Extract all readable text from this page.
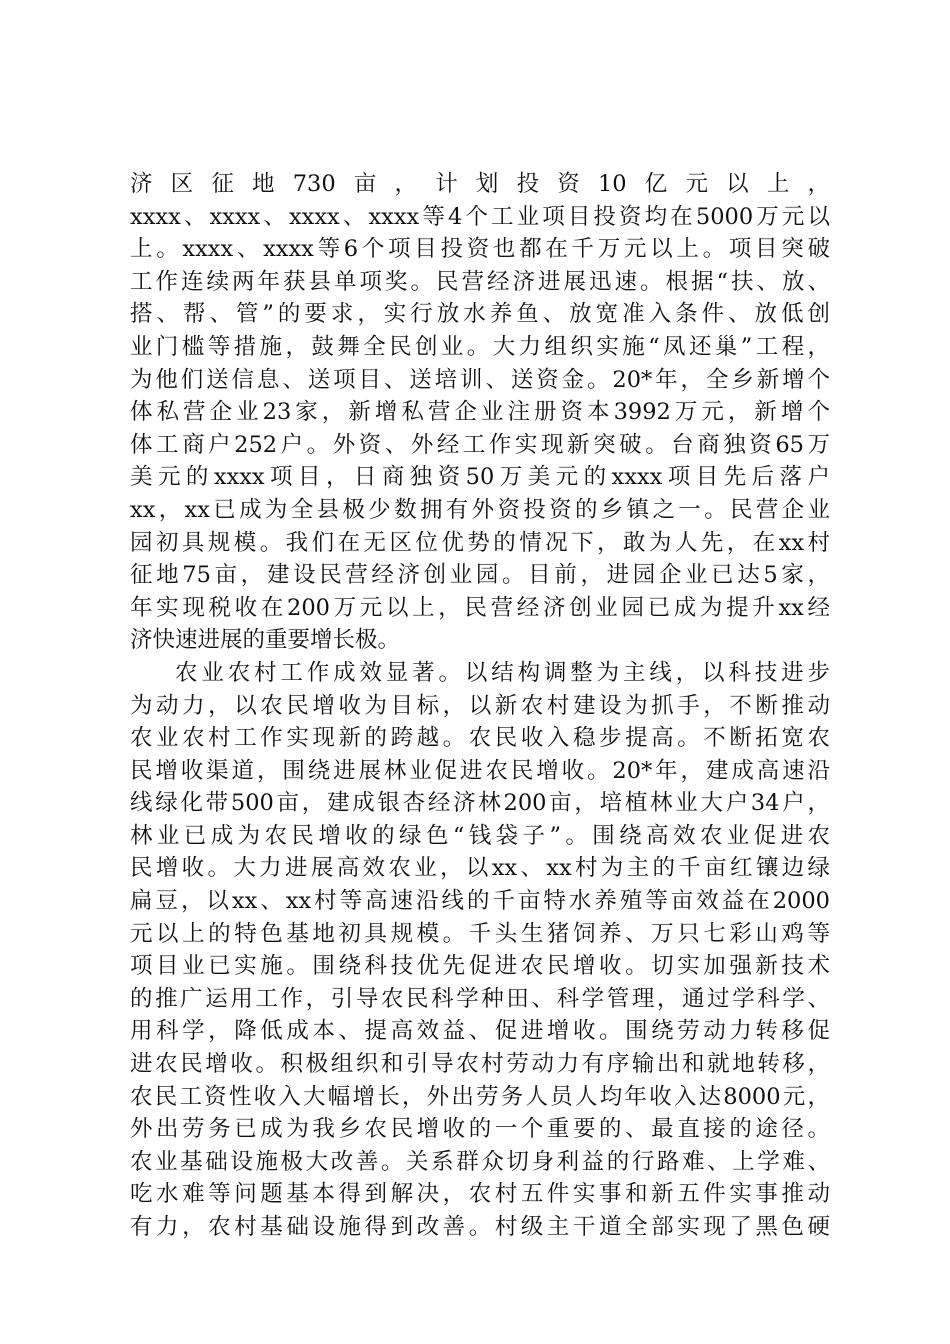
济区征地730亩，计划投资10亿元以上，
xxxx、xxxx、xxxx、xxxx等4个工业项目投资均在5000万元以
上。xxxx、xxxx等6个项目投资也都在千万元以上。项目突破
工作连续两年获县单项奖。民营经济进展迅速。根据“扶、放、
搭、帮、管”的要求，实行放水养鱼、放宽准入条件、放低创
业门槛等措施，鼓舞全民创业。大力组织实施“凤还巢”工程，
为他们送信息、送项目、送培训、送资金。20*年，全乡新增个
体私营企业23家，新增私营企业注册资本3992万元，新增个
体工商户252户。外资、外经工作实现新突破。台商独资65万
美元的xxxx项目，日商独资50万美元的xxxx项目先后落户
xx，xx已成为全县极少数拥有外资投资的乡镇之一。民营企业
园初具规模。我们在无区位优势的情况下，敢为人先，在xx村
征地75亩，建设民营经济创业园。目前，进园企业已达5家，
年实现税收在200万元以上，民营经济创业园已成为提升xx经
济快速进展的重要增长极。
农业农村工作成效显著。以结构调整为主线，以科技进步
为动力，以农民增收为目标，以新农村建设为抓手，不断推动
农业农村工作实现新的跨越。农民收入稳步提高。不断拓宽农
民增收渠道，围绕进展林业促进农民增收。20*年，建成高速沿
线绿化带500亩，建成银杏经济林200亩，培植林业大户34户，
林业已成为农民增收的绿色“钱袋子”。围绕高效农业促进农
民增收。大力进展高效农业，以xx、xx村为主的千亩红镶边绿
扁豆，以xx、xx村等高速沿线的千亩特水养殖等亩效益在2000
元以上的特色基地初具规模。千头生猪饲养、万只七彩山鸡等
项目业已实施。围绕科技优先促进农民增收。切实加强新技术
的推广运用工作，引导农民科学种田、科学管理，通过学科学、
用科学，降低成本、提高效益、促进增收。围绕劳动力转移促
进农民增收。积极组织和引导农村劳动力有序输出和就地转移，
农民工资性收入大幅增长，外出劳务人员人均年收入达8000元，
外出劳务已成为我乡农民增收的一个重要的、最直接的途径。
农业基础设施极大改善。关系群众切身利益的行路难、上学难、
吃水难等问题基本得到解决，农村五件实事和新五件实事推动
有力，农村基础设施得到改善。村级主干道全部实现了黑色硬
